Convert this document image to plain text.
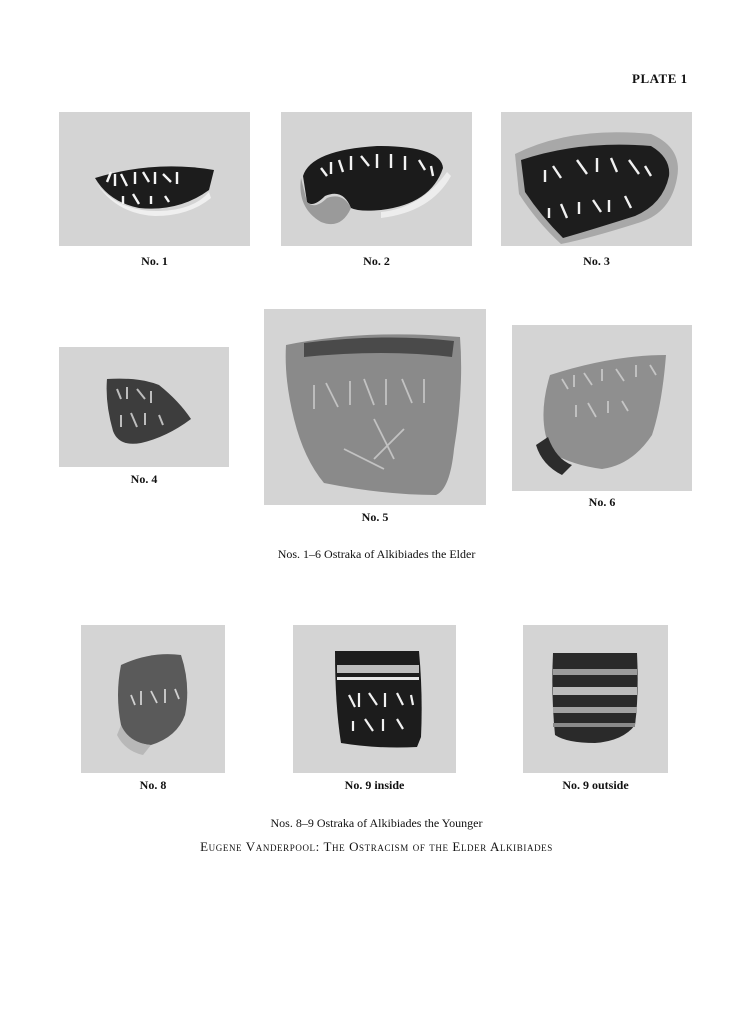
PLATE 1
No. 1	No. 2	No. 3
No. 4
No. 5
No. 6
Nos. 1–6 Ostraka of Alkibiades the Elder
No. 8	No. 9 inside	No. 9 outside
Nos. 8–9 Ostraka of Alkibiades the Younger
Eugene Vanderpool: The Ostracism of the Elder Alkibiades
